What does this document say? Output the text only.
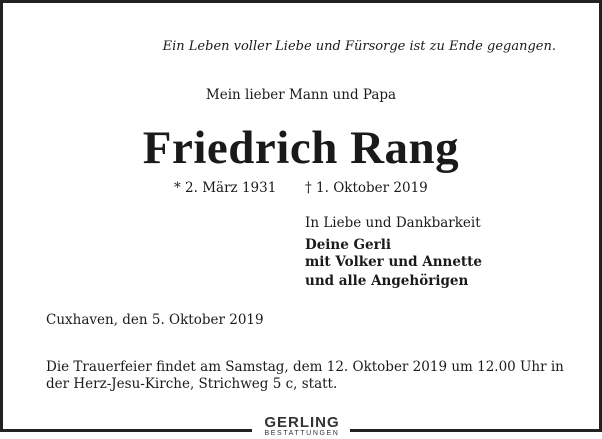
Ein Leben voller Liebe und Fürsorge ist zu Ende gegangen.
Mein lieber Mann und Papa
Friedrich Rang
* 2. März 1931 † 1. Oktober 2019
In Liebe und Dankbarkeit
Deine Gerli
mit Volker und Annette
und alle Angehörigen
Cuxhaven, den 5. Oktober 2019
Die Trauerfeier findet am Samstag, dem 12. Oktober 2019 um 12.00 Uhr in
der Herz-Jesu-Kirche, Strichweg 5 c, statt.
GERLING
BESTATTUNGEN
